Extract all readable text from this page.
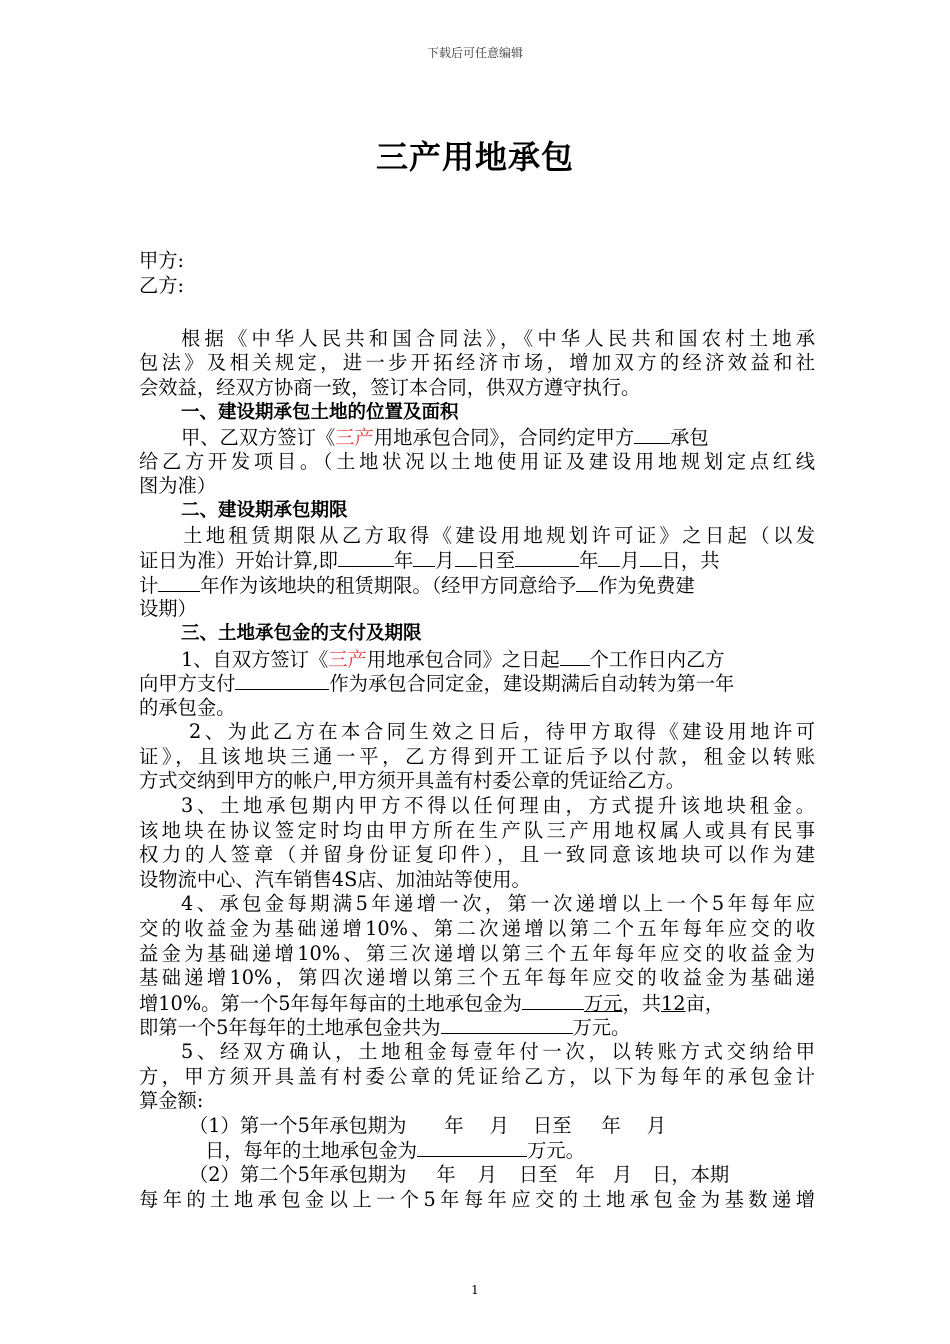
下载后可任意编辑
三产用地承包
甲方:
乙方:
根据《中华人民共和国合同法》，《中华人民共和国农村土地承
包法》及相关规定，进一步开拓经济市场，增加双方的经济效益和社
会效益，经双方协商一致，签订本合同，供双方遵守执行。
一、建设期承包土地的位置及面积
甲、乙双方签订《三产用地承包合同》，合同约定甲方 承包
给乙方开发项目。（土地状况以土地使用证及建设用地规划定点红线
图为准）
二、建设期承包期限
土地租赁期限从乙方取得《建设用地规划许可证》之日起（以发
证日为准）开始计算,即	年 月 日至	年 月 日，共
计 年作为该地块的租赁期限。（经甲方同意给予 作为免费建
设期）
三、土地承包金的支付及期限
1、自双方签订《三产用地承包合同》之日起 个工作日内乙方
向甲方支付	作为承包合同定金，建设期满后自动转为第一年
的承包金。
2、为此乙方在本合同生效之日后，待甲方取得《建设用地许可
证》，且该地块三通一平，乙方得到开工证后予以付款，租金以转账
方式交纳到甲方的帐户,甲方须开具盖有村委公章的凭证给乙方。
3、土地承包期内甲方不得以任何理由，方式提升该地块租金。
该地块在协议签定时均由甲方所在生产队三产用地权属人或具有民事
权力的人签章（并留身份证复印件），且一致同意该地块可以作为建
设物流中心、汽车销售4S店、加油站等使用。
4、承包金每期满5年递增一次，第一次递增以上一个5年每年应
交的收益金为基础递增10%、第二次递增以第二个五年每年应交的收
益金为基础递增10%、第三次递增以第三个五年每年应交的收益金为
基础递增10%，第四次递增以第三个五年每年应交的收益金为基础递
增10%。第一个5年每年每亩的土地承包金为	万元，共12亩，
即第一个5年每年的土地承包金共为	万元。
5、经双方确认，土地租金每壹年付一次，以转账方式交纳给甲
方，甲方须开具盖有村委公章的凭证给乙方，以下为每年的承包金计
算金额:
（1）第一个5年承包期为 年 月 日至 年 月
日，每年的土地承包金为	万元。
（2）第二个5年承包期为 年 月 日至 年 月 日，本期
每年的土地承包金以上一个5年每年应交的土地承包金为基数递增
1
